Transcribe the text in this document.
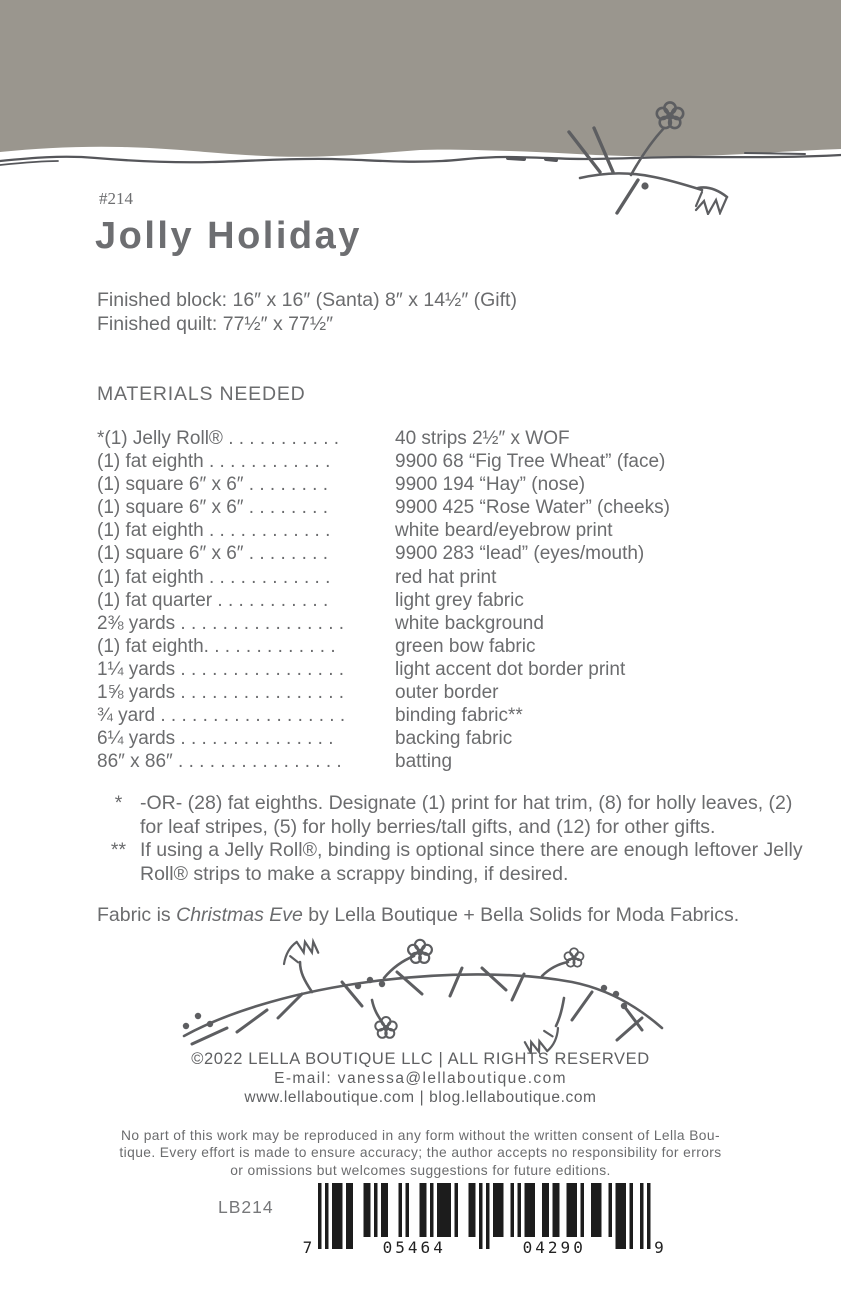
#214
Jolly Holiday
Finished block: 16″ x 16″ (Santa) 8″ x 14½″ (Gift)
Finished quilt: 77½″ x 77½″
MATERIALS NEEDED
*(1) Jelly Roll® . . . . . . . . . . .	40 strips 2½″ x WOF
(1) fat eighth . . . . . . . . . . . .	9900 68 “Fig Tree Wheat” (face)
(1) square 6″ x 6″ . . . . . . . .	9900 194 “Hay” (nose)
(1) square 6″ x 6″ . . . . . . . .	9900 425 “Rose Water” (cheeks)
(1) fat eighth . . . . . . . . . . . .	white beard/eyebrow print
(1) square 6″ x 6″ . . . . . . . .	9900 283 “lead” (eyes/mouth)
(1) fat eighth . . . . . . . . . . . .	red hat print
(1) fat quarter . . . . . . . . . . .	light grey fabric
2⅜ yards . . . . . . . . . . . . . . . .	white background
(1) fat eighth. . . . . . . . . . . . .	green bow fabric
1¼ yards . . . . . . . . . . . . . . . .	light accent dot border print
1⅝ yards . . . . . . . . . . . . . . . .	outer border
¾ yard . . . . . . . . . . . . . . . . . .	binding fabric**
6¼ yards . . . . . . . . . . . . . . .	backing fabric
86″ x 86″ . . . . . . . . . . . . . . . .	batting
* -OR- (28) fat eighths. Designate (1) print for hat trim, (8) for holly leaves, (2) for leaf stripes, (5) for holly berries/tall gifts, and (12) for other gifts.
** If using a Jelly Roll®, binding is optional since there are enough leftover Jelly Roll® strips to make a scrappy binding, if desired.
Fabric is Christmas Eve by Lella Boutique + Bella Solids for Moda Fabrics.
©2022 LELLA BOUTIQUE LLC | ALL RIGHTS RESERVED
E-mail: vanessa@lellaboutique.com
www.lellaboutique.com | blog.lellaboutique.com
No part of this work may be reproduced in any form without the written consent of Lella Bou-
tique. Every effort is made to ensure accuracy; the author accepts no responsibility for errors
or omissions but welcomes suggestions for future editions.
LB214
7	05464	04290	9
